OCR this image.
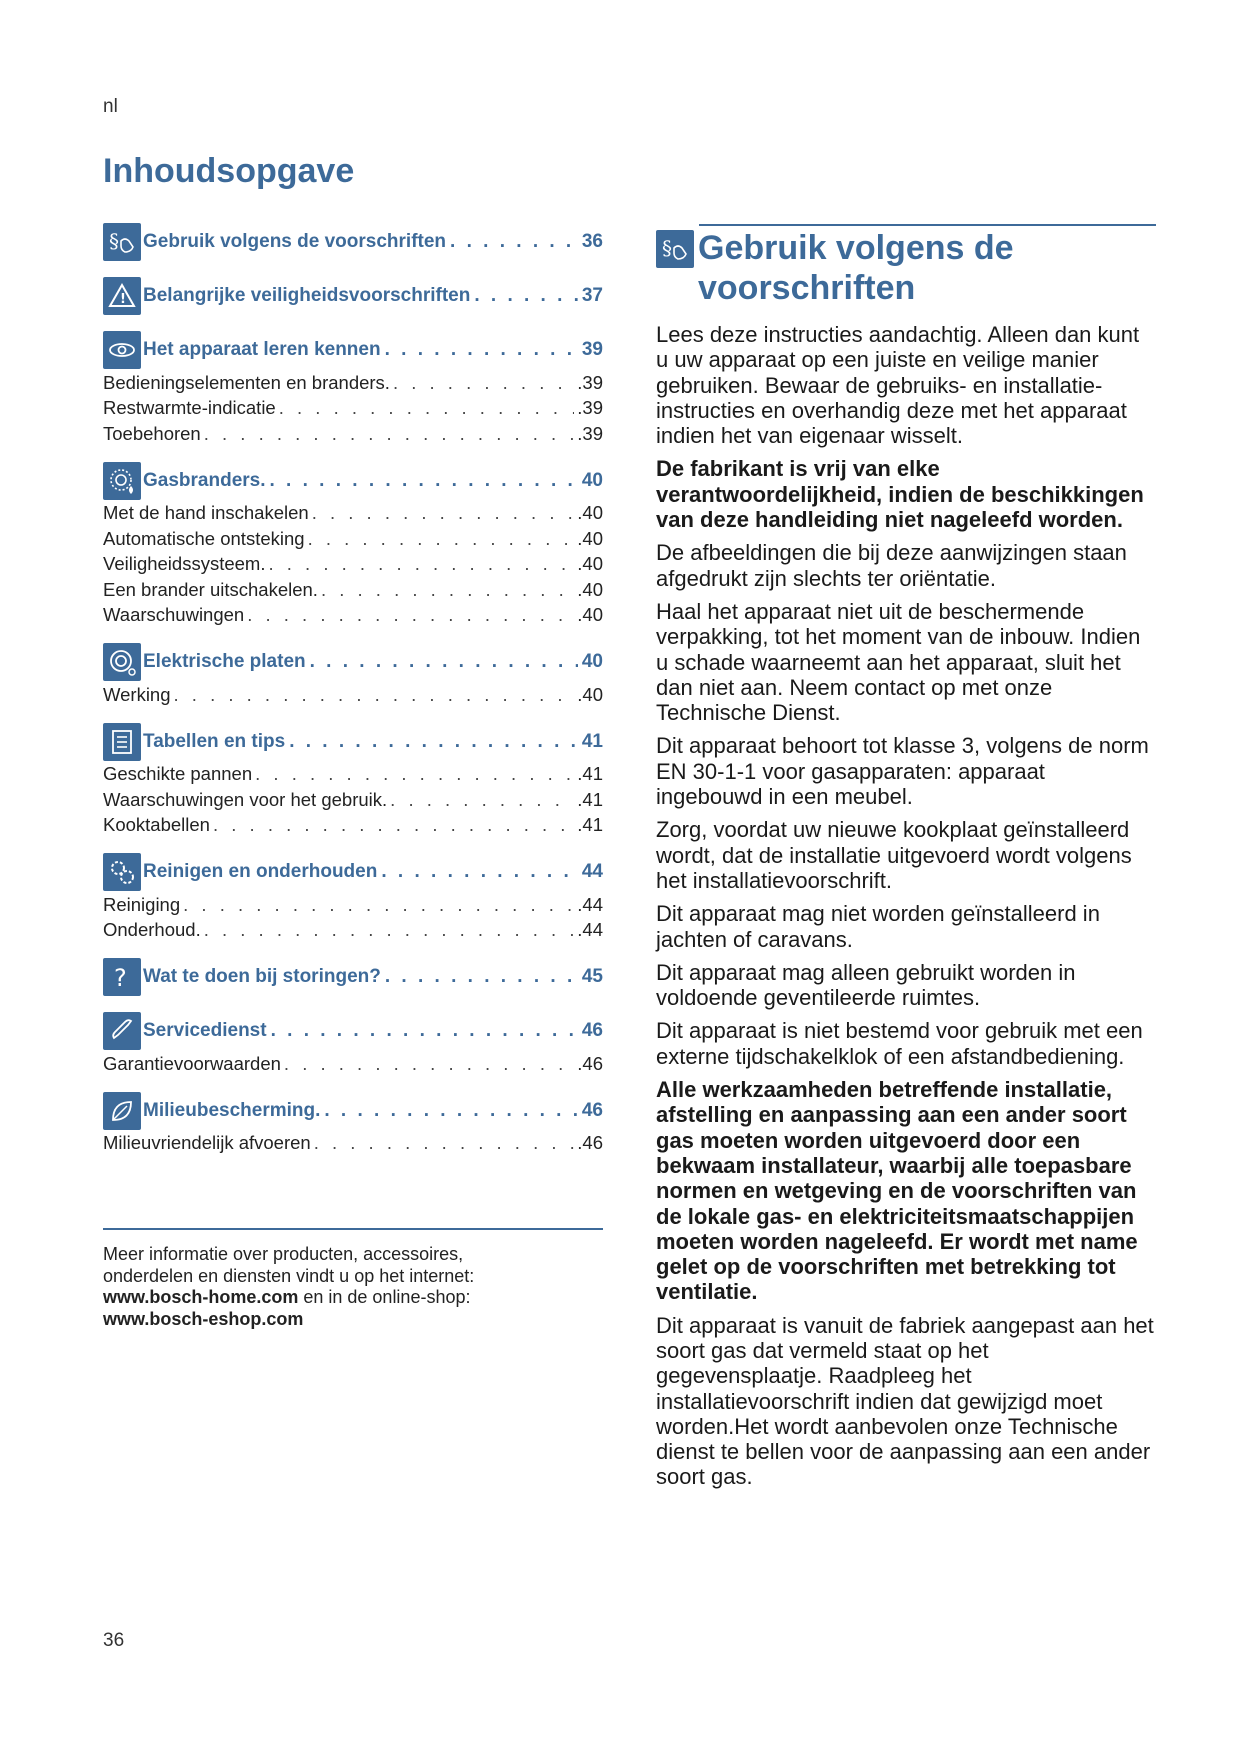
nl
Inhoudsopgave
§ Gebruik volgens de voorschriften . . .	36
! Belangrijke veiligheidsvoorschriften . . .	37
Het apparaat leren kennen . . .	39
Bedieningselementen en branders. . . .	.39
Restwarmte-indicatie . . .	.39
Toebehoren . . .	.39
Gasbranders. . . .	40
Met de hand inschakelen . . .	.40
Automatische ontsteking . . .	.40
Veiligheidssysteem. . . .	.40
Een brander uitschakelen. . . .	.40
Waarschuwingen . . .	.40
Elektrische platen . . .	40
Werking . . .	.40
Tabellen en tips . . .	41
Geschikte pannen . . .	.41
Waarschuwingen voor het gebruik. . . .	.41
Kooktabellen . . .	.41
Reinigen en onderhouden . . .	44
Reiniging . . .	.44
Onderhoud. . . .	.44
? Wat te doen bij storingen? . . .	45
Servicedienst . . .	46
Garantievoorwaarden . . .	.46
Milieubescherming. . . .	46
Milieuvriendelijk afvoeren . . .	.46
Meer informatie over producten, accessoires,
onderdelen en diensten vindt u op het internet:
www.bosch-home.com en in de online-shop:
www.bosch-eshop.com
36
§ Gebruik volgens de
voorschriften

Lees deze instructies aandachtig. Alleen dan kunt u uw apparaat op een juiste en veilige manier gebruiken. Bewaar de gebruiks- en installatie-instructies en overhandig deze met het apparaat indien het van eigenaar wisselt.

De fabrikant is vrij van elke verantwoordelijkheid, indien de beschikkingen van deze handleiding niet nageleefd worden.

De afbeeldingen die bij deze aanwijzingen staan afgedrukt zijn slechts ter oriëntatie.

Haal het apparaat niet uit de beschermende verpakking, tot het moment van de inbouw. Indien u schade waarneemt aan het apparaat, sluit het dan niet aan. Neem contact op met onze Technische Dienst.

Dit apparaat behoort tot klasse 3, volgens de norm EN 30-1-1 voor gasapparaten: apparaat ingebouwd in een meubel.

Zorg, voordat uw nieuwe kookplaat geïnstalleerd wordt, dat de installatie uitgevoerd wordt volgens het installatievoorschrift.

Dit apparaat mag niet worden geïnstalleerd in jachten of caravans.

Dit apparaat mag alleen gebruikt worden in voldoende geventileerde ruimtes.

Dit apparaat is niet bestemd voor gebruik met een externe tijdschakelklok of een afstandbediening.

Alle werkzaamheden betreffende installatie, afstelling en aanpassing aan een ander soort gas moeten worden uitgevoerd door een bekwaam installateur, waarbij alle toepasbare normen en wetgeving en de voorschriften van de lokale gas- en elektriciteitsmaatschappijen moeten worden nageleefd. Er wordt met name gelet op de voorschriften met betrekking tot ventilatie.

Dit apparaat is vanuit de fabriek aangepast aan het soort gas dat vermeld staat op het gegevensplaatje. Raadpleeg het installatievoorschrift indien dat gewijzigd moet worden.Het wordt aanbevolen onze Technische dienst te bellen voor de aanpassing aan een ander soort gas.
